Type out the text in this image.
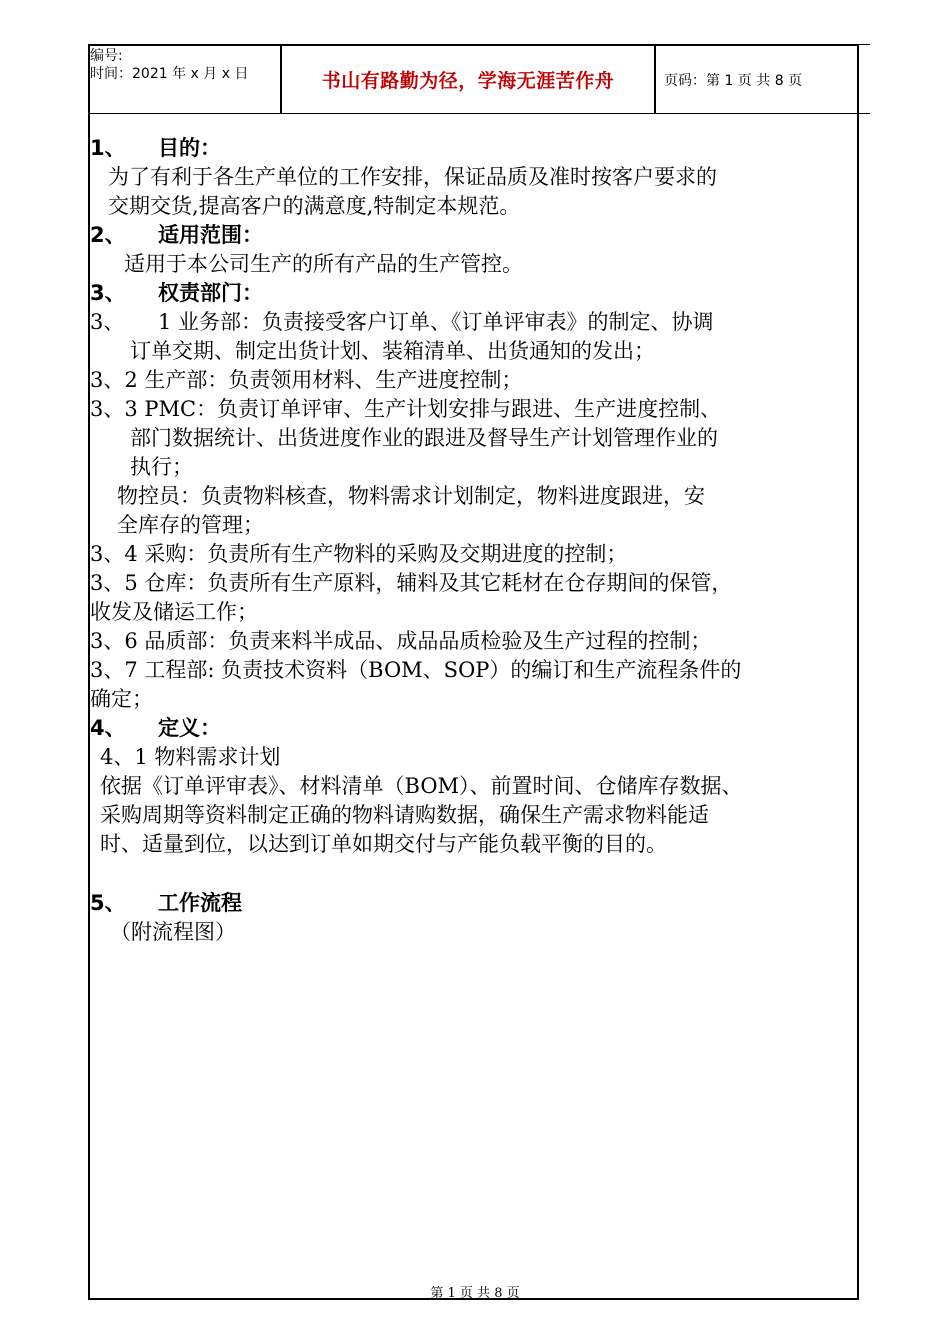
编号:
时间：2021 年 x 月 x 日	书山有路勤为径，学海无涯苦作舟	页码：第 1 页 共 8 页
1、 目的：
为了有利于各生产单位的工作安排，保证品质及准时按客户要求的
交期交货,提高客户的满意度,特制定本规范。
2、 适用范围：
适用于本公司生产的所有产品的生产管控。
3、 权责部门：
3、 1 业务部：负责接受客户订单、《订单评审表》的制定、协调
订单交期、制定出货计划、装箱清单、出货通知的发出；
3、2 生产部：负责领用材料、生产进度控制；
3、3 PMC：负责订单评审、生产计划安排与跟进、生产进度控制、
部门数据统计、出货进度作业的跟进及督导生产计划管理作业的
执行；
物控员：负责物料核查，物料需求计划制定，物料进度跟进，安
全库存的管理；
3、4 采购：负责所有生产物料的采购及交期进度的控制；
3、5 仓库：负责所有生产原料，辅料及其它耗材在仓存期间的保管，
收发及储运工作；
3、6 品质部：负责来料半成品、成品品质检验及生产过程的控制；
3、7 工程部: 负责技术资料（BOM、SOP）的编订和生产流程条件的
确定；
4、 定义：
4、1 物料需求计划
依据《订单评审表》、材料清单（BOM）、前置时间、仓储库存数据、
采购周期等资料制定正确的物料请购数据，确保生产需求物料能适
时、适量到位，以达到订单如期交付与产能负载平衡的目的。
5、 工作流程
（附流程图）
第 1 页 共 8 页
